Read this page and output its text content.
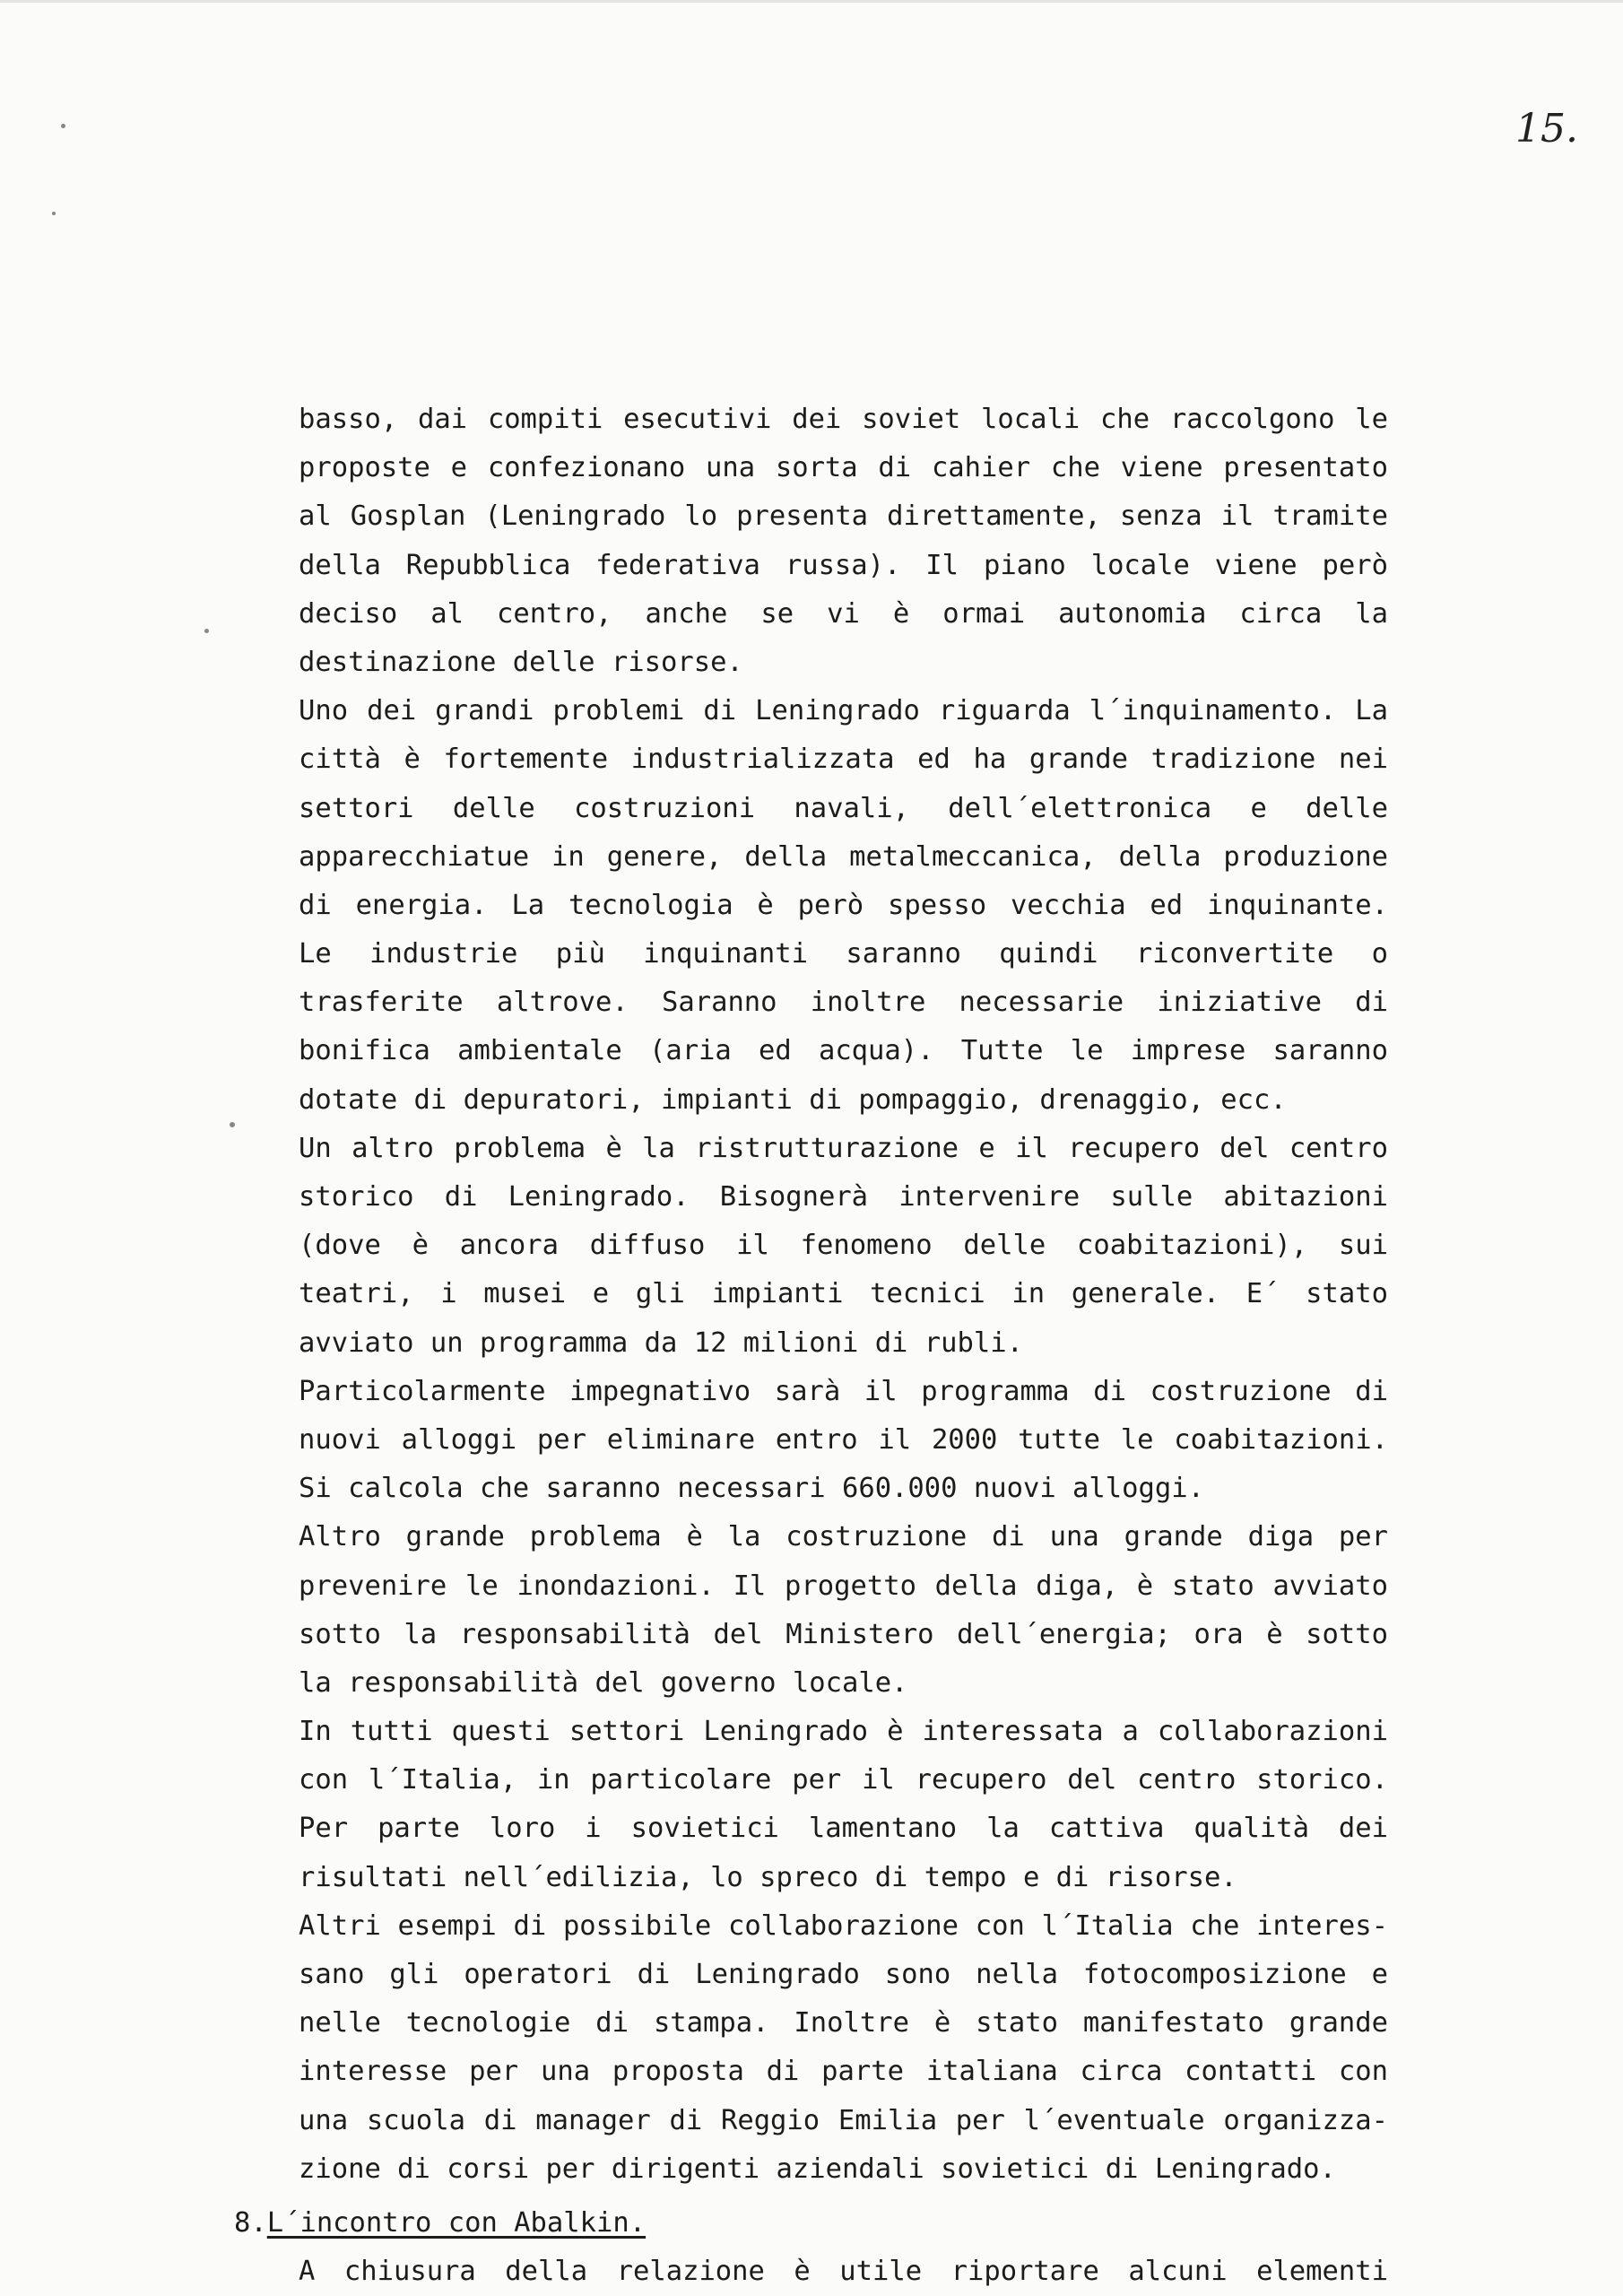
15.
basso, dai compiti esecutivi dei soviet locali che raccolgono le
proposte e confezionano una sorta di cahier che viene presentato
al Gosplan (Leningrado lo presenta direttamente, senza il tramite
della Repubblica federativa russa). Il piano locale viene però
deciso al centro, anche se vi è ormai autonomia circa la
destinazione delle risorse.
Uno dei grandi problemi di Leningrado riguarda l´inquinamento. La
città è fortemente industrializzata ed ha grande tradizione nei
settori delle costruzioni navali, dell´elettronica e delle
apparecchiatue in genere, della metalmeccanica, della produzione
di energia. La tecnologia è però spesso vecchia ed inquinante.
Le industrie più inquinanti saranno quindi riconvertite o
trasferite altrove. Saranno inoltre necessarie iniziative di
bonifica ambientale (aria ed acqua). Tutte le imprese saranno
dotate di depuratori, impianti di pompaggio, drenaggio, ecc.
Un altro problema è la ristrutturazione e il recupero del centro
storico di Leningrado. Bisognerà intervenire sulle abitazioni
(dove è ancora diffuso il fenomeno delle coabitazioni), sui
teatri, i musei e gli impianti tecnici in generale. E´ stato
avviato un programma da 12 milioni di rubli.
Particolarmente impegnativo sarà il programma di costruzione di
nuovi alloggi per eliminare entro il 2000 tutte le coabitazioni.
Si calcola che saranno necessari 660.000 nuovi alloggi.
Altro grande problema è la costruzione di una grande diga per
prevenire le inondazioni. Il progetto della diga, è stato avviato
sotto la responsabilità del Ministero dell´energia; ora è sotto
la responsabilità del governo locale.
In tutti questi settori Leningrado è interessata a collaborazioni
con l´Italia, in particolare per il recupero del centro storico.
Per parte loro i sovietici lamentano la cattiva qualità dei
risultati nell´edilizia, lo spreco di tempo e di risorse.
Altri esempi di possibile collaborazione con l´Italia che interes-
sano gli operatori di Leningrado sono nella fotocomposizione e
nelle tecnologie di stampa. Inoltre è stato manifestato grande
interesse per una proposta di parte italiana circa contatti con
una scuola di manager di Reggio Emilia per l´eventuale organizza-
zione di corsi per dirigenti aziendali sovietici di Leningrado.
8.L´incontro con Abalkin.
A chiusura della relazione è utile riportare alcuni elementi
